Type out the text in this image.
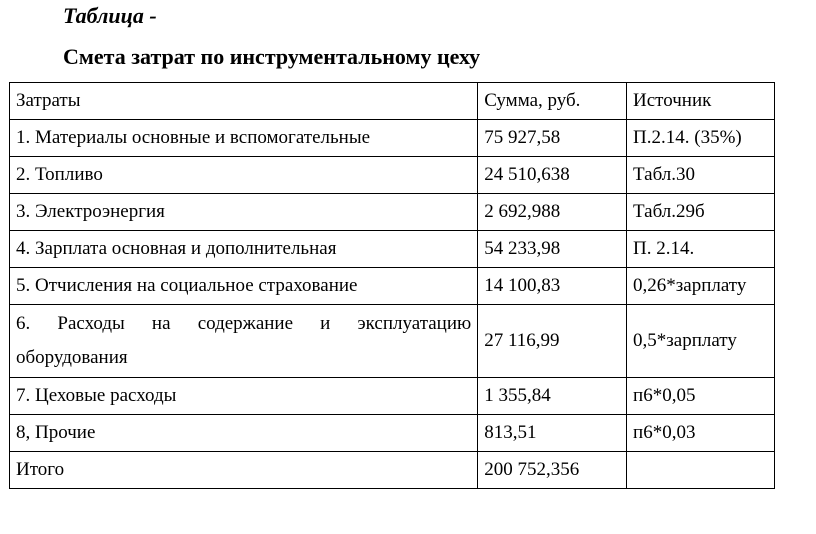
Таблица -
Смета затрат по инструментальному цеху
Затраты	Сумма, руб.	Источник
1. Материалы основные и вспомогательные	75 927,58	П.2.14. (35%)
2. Топливо	24 510,638	Табл.30
3. Электроэнергия	2 692,988	Табл.29б
4. Зарплата основная и дополнительная	54 233,98	П. 2.14.
5. Отчисления на социальное страхование	14 100,83	0,26*зарплату
6. Расходы на содержание и эксплуатацию оборудования	27 116,99	0,5*зарплату
7. Цеховые расходы	1 355,84	п6*0,05
8, Прочие	813,51	п6*0,03
Итого	200 752,356	
